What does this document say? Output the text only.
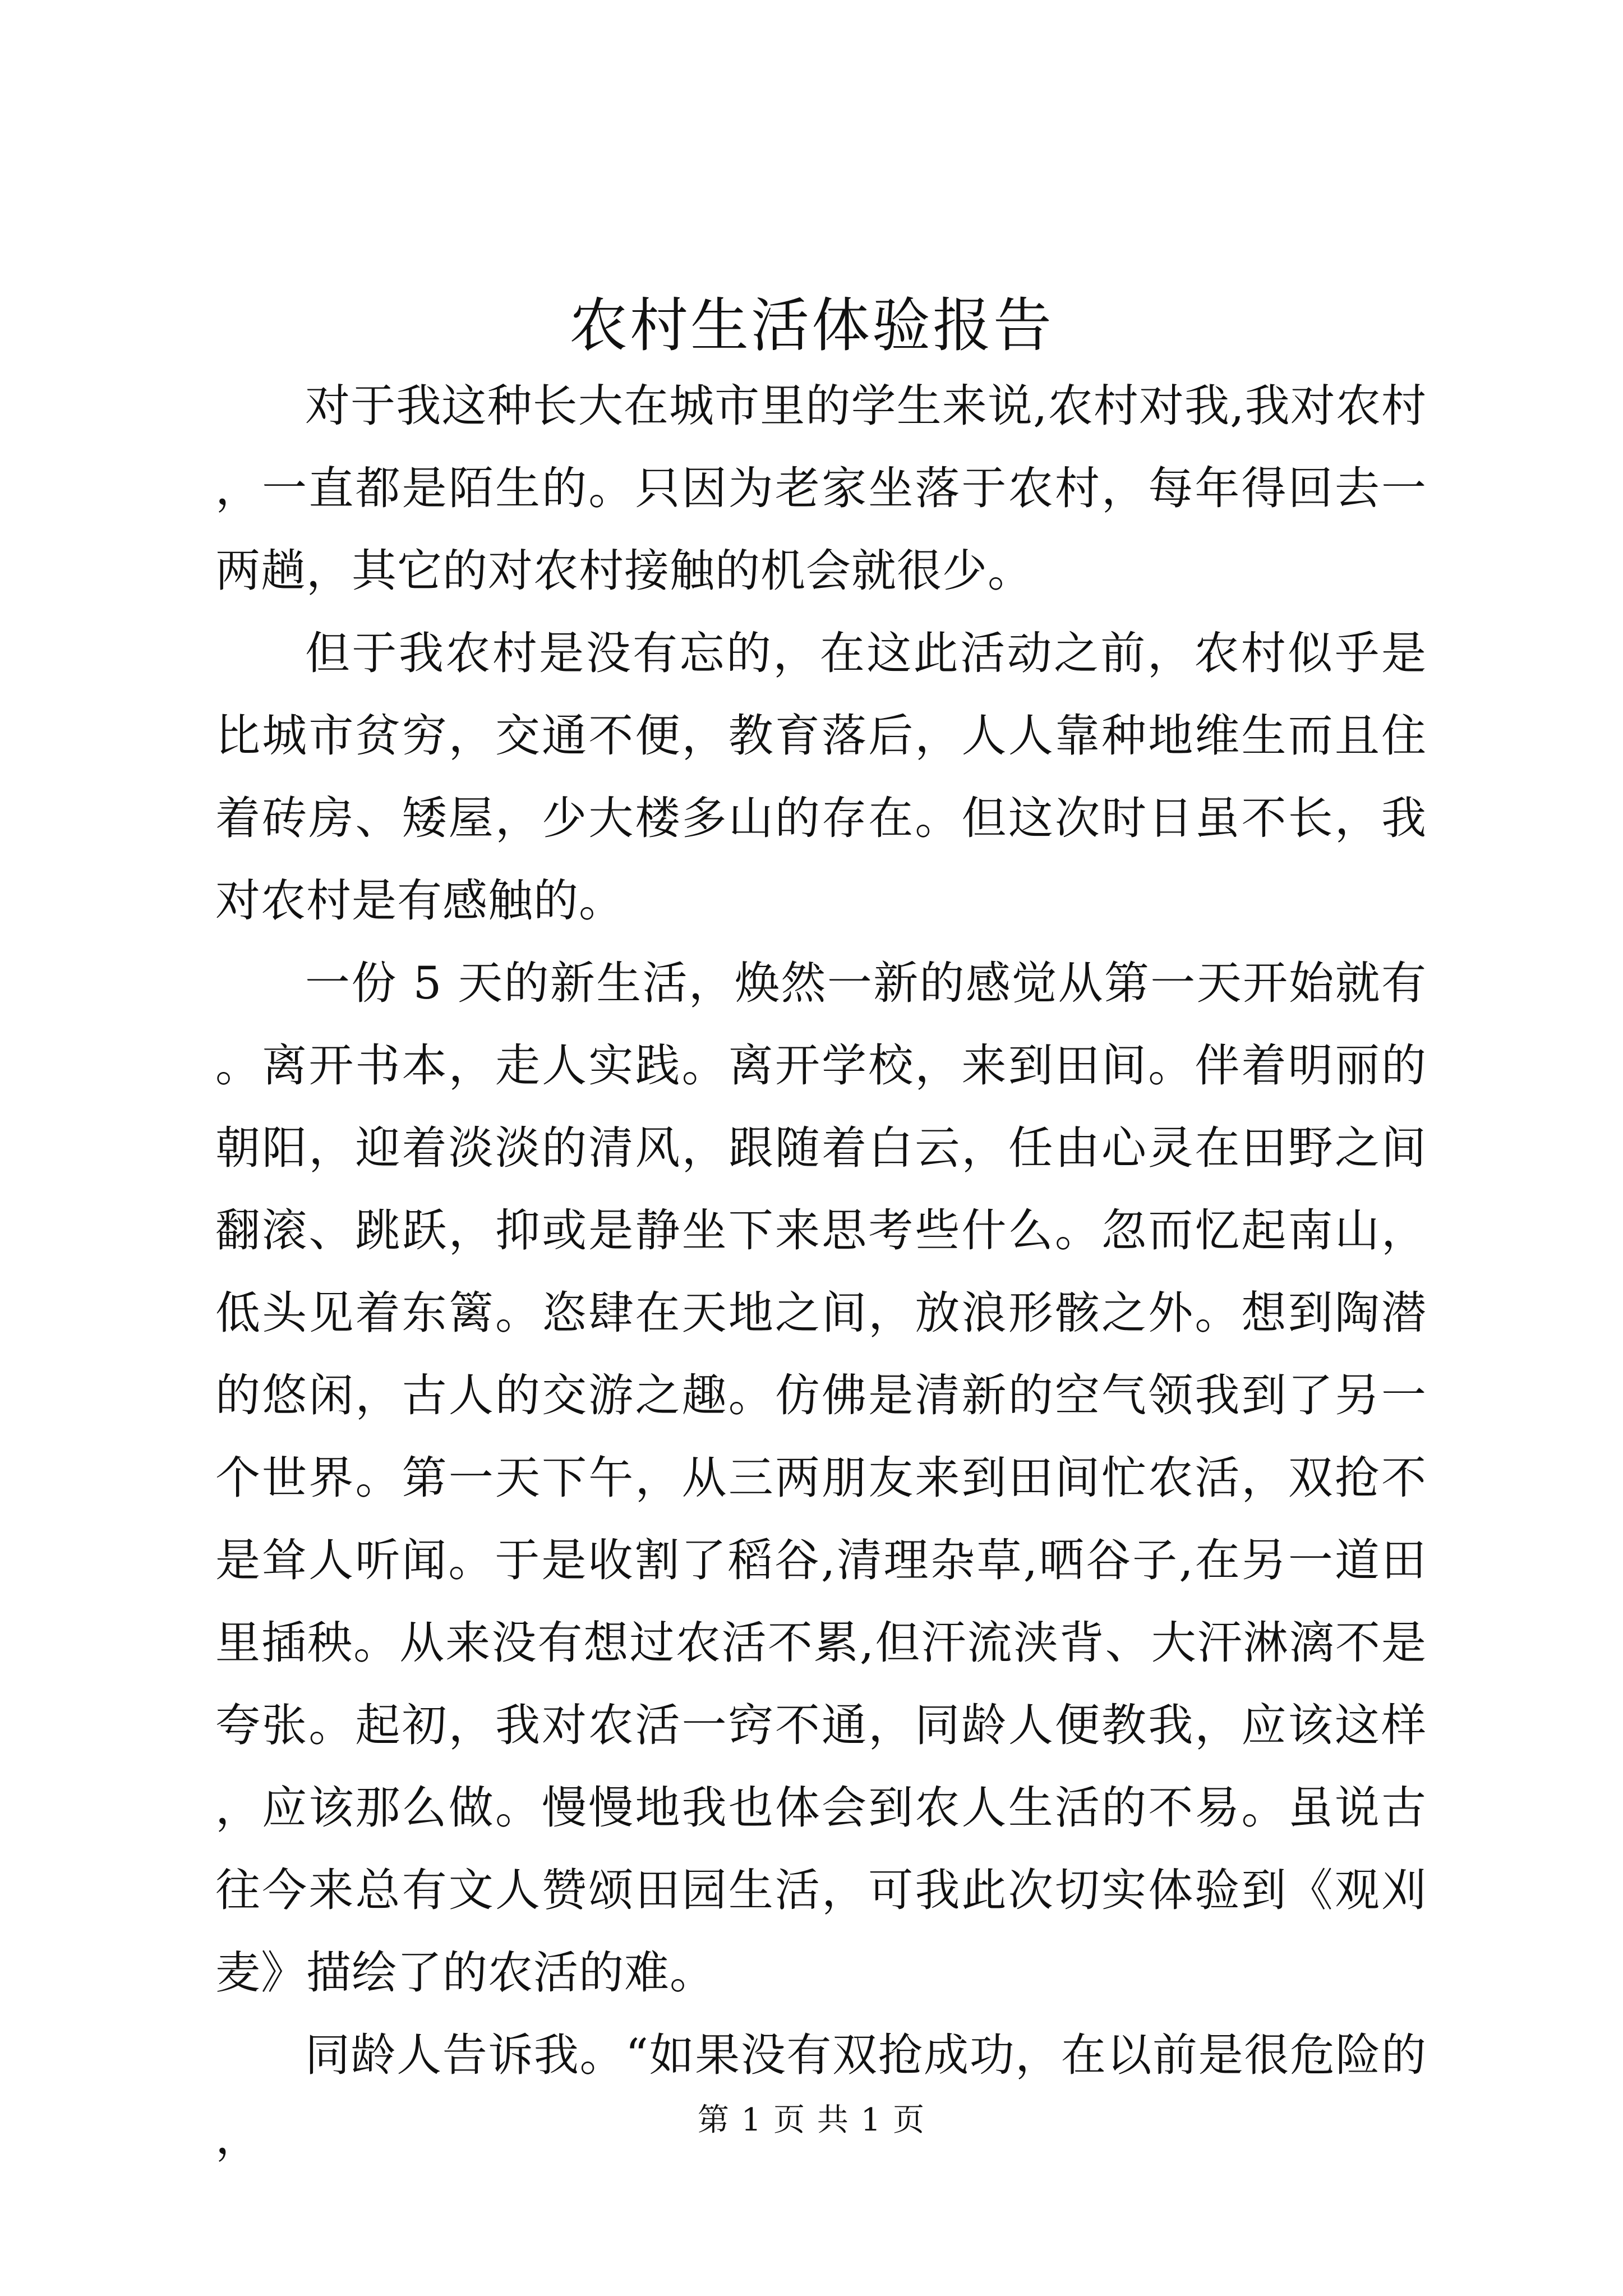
农村生活体验报告

对于我这种长大在城市里的学生来说,农村对我,我对农村，一直都是陌生的。只因为老家坐落于农村，每年得回去一两趟，其它的对农村接触的机会就很少。

但于我农村是没有忘的，在这此活动之前，农村似乎是比城市贫穷，交通不便，教育落后，人人靠种地维生而且住着砖房、矮屋，少大楼多山的存在。但这次时日虽不长，我对农村是有感触的。

一份 5 天的新生活，焕然一新的感觉从第一天开始就有。离开书本，走人实践。离开学校，来到田间。伴着明丽的朝阳，迎着淡淡的清风，跟随着白云，任由心灵在田野之间翻滚、跳跃，抑或是静坐下来思考些什么。忽而忆起南山，低头见着东篱。恣肆在天地之间，放浪形骸之外。想到陶潜的悠闲，古人的交游之趣。仿佛是清新的空气领我到了另一个世界。第一天下午，从三两朋友来到田间忙农活，双抢不是耸人听闻。于是收割了稻谷,清理杂草,晒谷子,在另一道田里插秧。从来没有想过农活不累,但汗流浃背、大汗淋漓不是夸张。起初，我对农活一窍不通，同龄人便教我，应该这样，应该那么做。慢慢地我也体会到农人生活的不易。虽说古往今来总有文人赞颂田园生活，可我此次切实体验到《观刈麦》描绘了的农活的难。

同龄人告诉我。“如果没有双抢成功，在以前是很危险的，	第 1 页 共 1 页
